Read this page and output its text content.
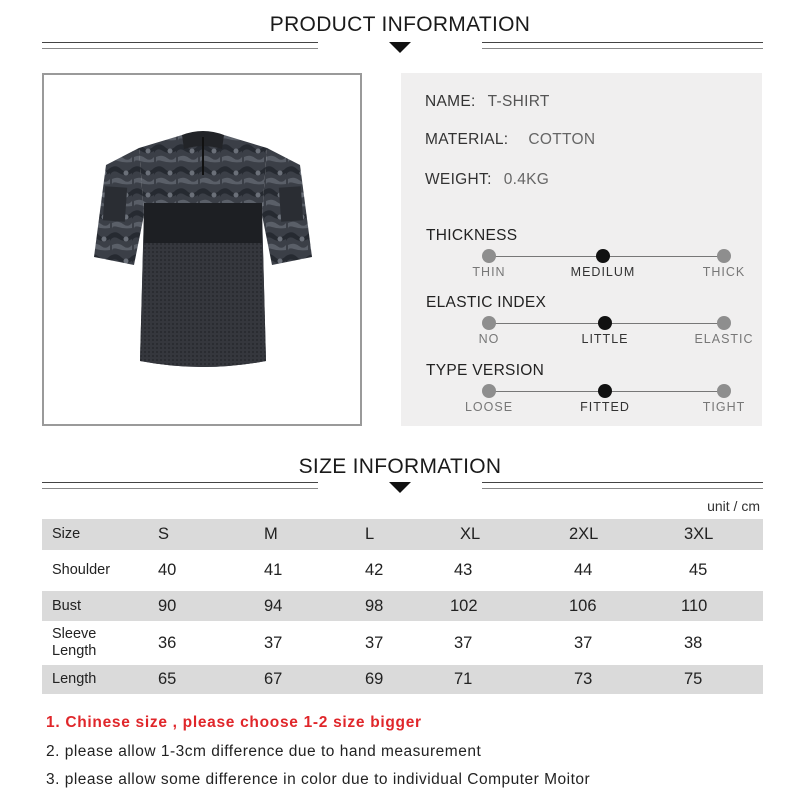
PRODUCT INFORMATION
NAME: T-SHIRT
MATERIAL: COTTON
WEIGHT: 0.4KG
THICKNESS
THIN	MEDILUM	THICK
ELASTIC INDEX
NO	LITTLE	ELASTIC
TYPE VERSION
LOOSE	FITTED	TIGHT
SIZE INFORMATION
unit / cm
Size	S	M	L	XL	2XL	3XL
Shoulder	40	41	42	43	44	45
Bust	90	94	98	102	106	110
Sleeve
Length	36	37	37	37	37	38
Length	65	67	69	71	73	75
1. Chinese size , please choose 1-2 size bigger
2. please allow 1-3cm difference due to hand measurement
3. please allow some difference in color due to individual Computer Moitor
